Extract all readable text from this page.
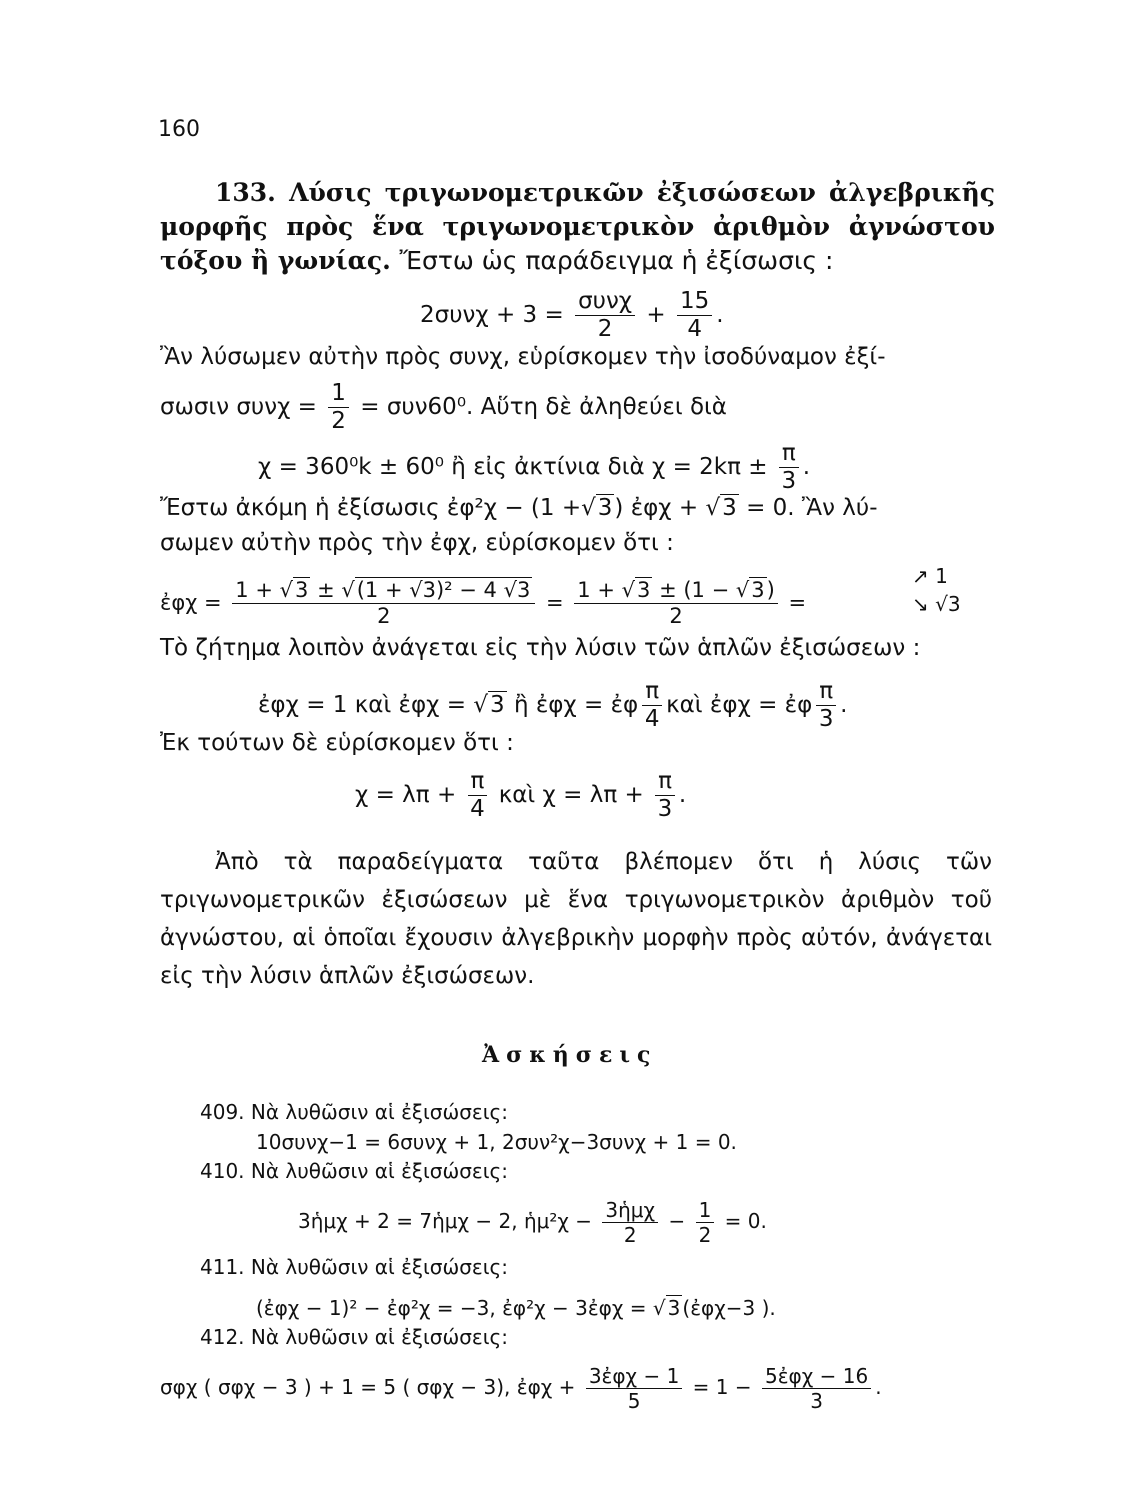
160

133. Λύσις τριγωνομετρικῶν ἐξισώσεων ἀλγεβρικῆς μορφῆς πρὸς ἕνα τριγωνομετρικὸν ἀριθμὸν ἀγνώστου τόξου ἢ γωνίας. Ἔστω ὡς παράδειγμα ἡ ἐξίσωσις :

$2\sigma\upsilon\nu\chi + 3 = \frac{\text{συνχ}}{2} + \frac{15}{4}$ .
Ἂν λύσωμεν αὐτὴν πρὸς συνχ, εὑρίσκομεν τὴν ἰσοδύναμον ἐξί-
σωσιν $\sigma\upsilon\nu\chi = \frac{1}{2} = \sigma\upsilon\nu 60^0$. Αὕτη δὲ ἀληθεύει διὰ
χ = 360⁰k ± 60⁰ ἢ εἰς ἀκτίνια διὰ $\chi = 2k\pi \pm \frac{\pi}{3}$ .
Ἔστω ἀκόμη ἡ ἐξίσωσις ἐφ²χ − (1 +√3) ἐφχ + √3 = 0. Ἂν λύ-
σωμεν αὐτὴν πρὸς τὴν ἐφχ, εὑρίσκομεν ὅτι :
ἐφχ = $\frac{\text{1 + √3 ± √(1 + √3)² − 4 √3}}{2} = \frac{1 + √3 \pm (1 - √3)}{2}$ =
↗ 1
↘ √3
Τὸ ζήτημα λοιπὸν ἀνάγεται εἰς τὴν λύσιν τῶν ἁπλῶν ἐξισώσεων :
ἐφχ = 1 καὶ ἐφχ = √3 ἢ ἐφχ = ἐφ $\frac{\pi}{4}$ καὶ ἐφχ = ἐφ $\frac{\pi}{3}$ .
Ἐκ τούτων δὲ εὑρίσκομεν ὅτι :
$\chi = \lambda\pi + \frac{\pi}{4}$ καὶ $\chi = \lambda\pi + \frac{\pi}{3}$ .

Ἀπὸ τὰ παραδείγματα ταῦτα βλέπομεν ὅτι ἡ λύσις τῶν τριγωνομετρικῶν ἐξισώσεων μὲ ἕνα τριγωνομετρικὸν ἀριθμὸν τοῦ ἀγνώστου, αἱ ὁποῖαι ἔχουσιν ἀλγεβρικὴν μορφὴν πρὸς αὐτόν, ἀνάγεται εἰς τὴν λύσιν ἁπλῶν ἐξισώσεων.

Ἀσκήσεις
409. Νὰ λυθῶσιν αἱ ἐξισώσεις:
10συνχ−1 = 6συνχ + 1, 2συν²χ−3συνχ + 1 = 0.
410. Νὰ λυθῶσιν αἱ ἐξισώσεις:
3ἡμχ + 2 = 7ἡμχ − 2, ἡμ²χ − $\frac{\text{3ἡμχ}}{2} - \frac{1}{2} = 0$.
411. Νὰ λυθῶσιν αἱ ἐξισώσεις:
(ἐφχ − 1)² − ἐφ²χ = −3, ἐφ²χ − 3ἐφχ = √ 3 (ἐφχ−3 ).
412. Νὰ λυθῶσιν αἱ ἐξισώσεις:
σφχ ( σφχ − 3 ) + 1 = 5 ( σφχ − 3), ἐφχ + $\frac{\text{3ἐφχ − 1}}{5} = 1 - \frac{\text{5ἐφχ − 16}}{3}$ .
